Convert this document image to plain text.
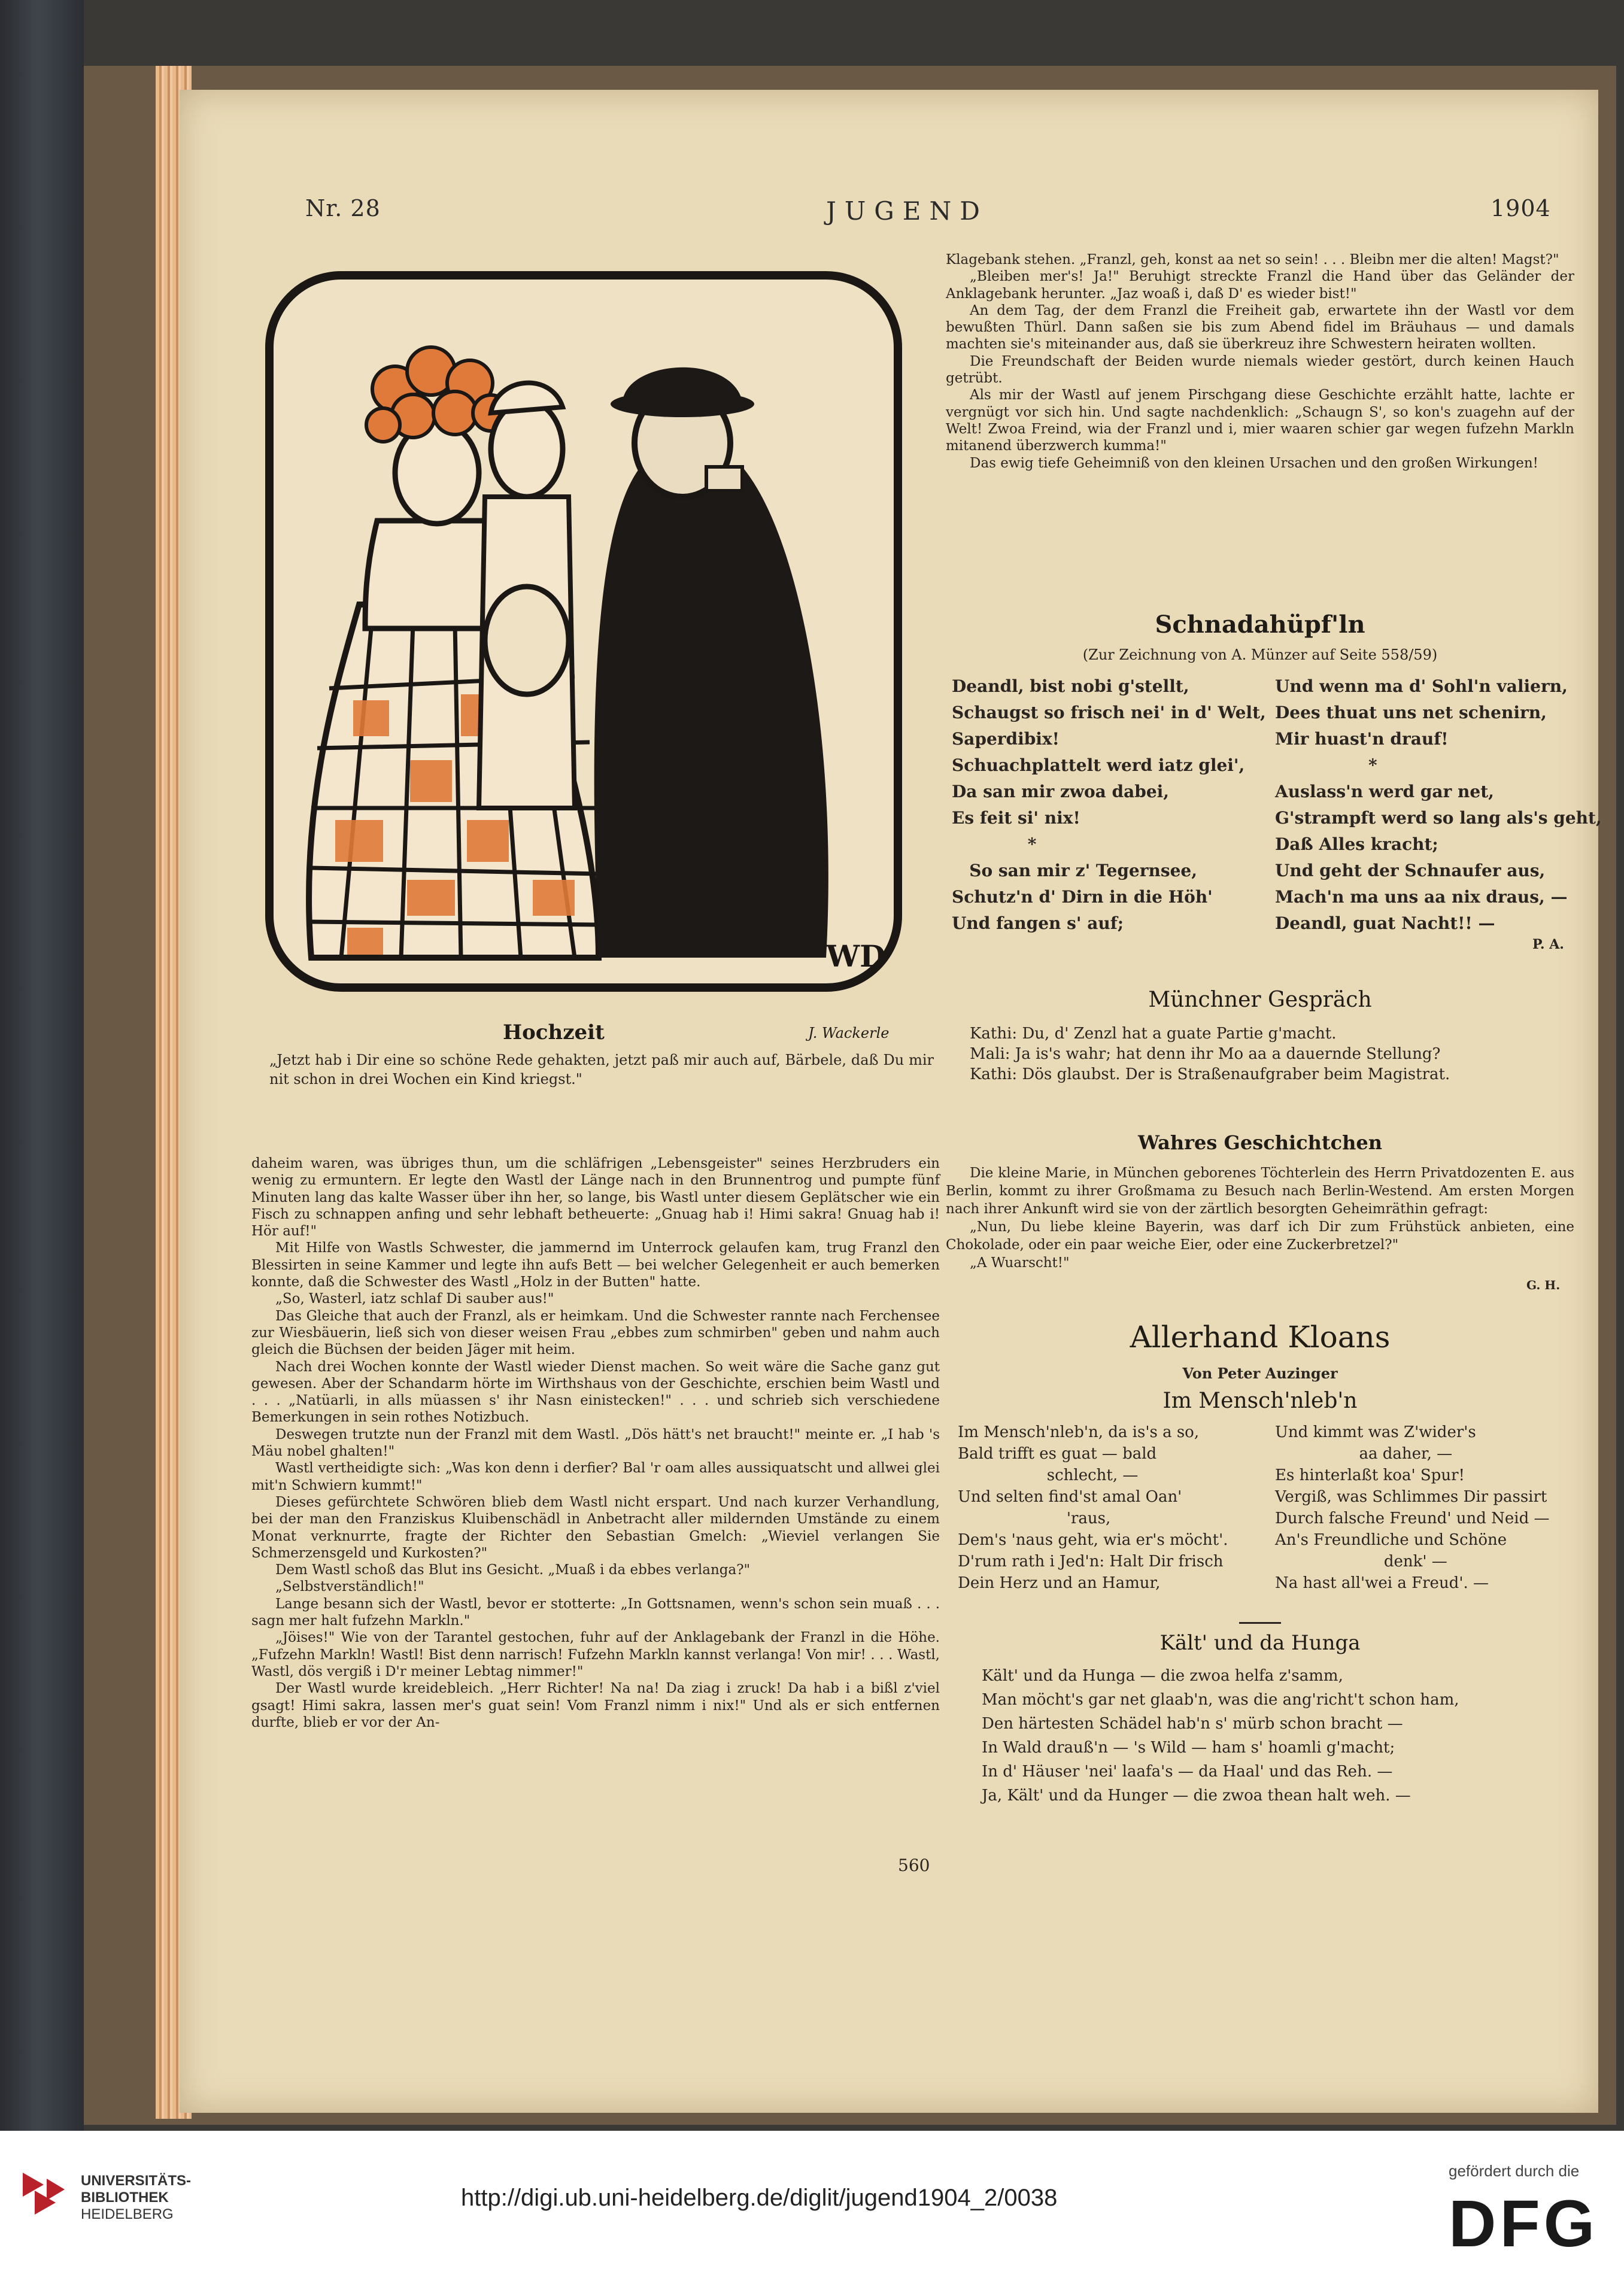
Nr. 28	JUGEND	1904
WD
Hochzeit	J. Wackerle
„Jetzt hab i Dir eine so schöne Rede gehakten, jetzt paß mir auch auf, Bärbele, daß Du mir nit schon in drei Wochen ein Kind kriegst."

daheim waren, was übriges thun, um die schläfrigen „Lebensgeister" seines Herzbruders ein wenig zu ermuntern. Er legte den Wastl der Länge nach in den Brunnentrog und pumpte fünf Minuten lang das kalte Wasser über ihn her, so lange, bis Wastl unter diesem Geplätscher wie ein Fisch zu schnappen anfing und sehr lebhaft betheuerte: „Gnuag hab i! Himi sakra! Gnuag hab i! Hör auf!"

Mit Hilfe von Wastls Schwester, die jammernd im Unterrock gelaufen kam, trug Franzl den Blessirten in seine Kammer und legte ihn aufs Bett — bei welcher Gelegenheit er auch bemerken konnte, daß die Schwester des Wastl „Holz in der Butten" hatte.

„So, Wasterl, iatz schlaf Di sauber aus!"

Das Gleiche that auch der Franzl, als er heimkam. Und die Schwester rannte nach Ferchensee zur Wiesbäuerin, ließ sich von dieser weisen Frau „ebbes zum schmirben" geben und nahm auch gleich die Büchsen der beiden Jäger mit heim.

Nach drei Wochen konnte der Wastl wieder Dienst machen. So weit wäre die Sache ganz gut gewesen. Aber der Schandarm hörte im Wirthshaus von der Geschichte, erschien beim Wastl und . . . „Natüarli, in alls müassen s' ihr Nasn einistecken!" . . . und schrieb sich verschiedene Bemerkungen in sein rothes Notizbuch.

Deswegen trutzte nun der Franzl mit dem Wastl. „Dös hätt's net braucht!" meinte er. „I hab 's Mäu nobel ghalten!"

Wastl vertheidigte sich: „Was kon denn i derfier? Bal 'r oam alles aussiquatscht und allwei glei mit'n Schwiern kummt!"

Dieses gefürchtete Schwören blieb dem Wastl nicht erspart. Und nach kurzer Verhandlung, bei der man den Franziskus Kluibenschädl in Anbetracht aller mildernden Umstände zu einem Monat verknurrte, fragte der Richter den Sebastian Gmelch: „Wieviel verlangen Sie Schmerzensgeld und Kurkosten?"

Dem Wastl schoß das Blut ins Gesicht. „Muaß i da ebbes verlanga?"

„Selbstverständlich!"

Lange besann sich der Wastl, bevor er stotterte: „In Gottsnamen, wenn's schon sein muaß . . . sagn mer halt fufzehn Markln."

„Jöises!" Wie von der Tarantel gestochen, fuhr auf der Anklagebank der Franzl in die Höhe. „Fufzehn Markln! Wastl! Bist denn narrisch! Fufzehn Markln kannst verlanga! Von mir! . . . Wastl, Wastl, dös vergiß i D'r meiner Lebtag nimmer!"

Der Wastl wurde kreidebleich. „Herr Richter! Na na! Da ziag i zruck! Da hab i a bißl z'viel gsagt! Himi sakra, lassen mer's guat sein! Vom Franzl nimm i nix!" Und als er sich entfernen durfte, blieb er vor der An-

Klagebank stehen. „Franzl, geh, konst aa net so sein! . . . Bleibn mer die alten! Magst?"

„Bleiben mer's! Ja!" Beruhigt streckte Franzl die Hand über das Geländer der Anklagebank herunter. „Jaz woaß i, daß D' es wieder bist!"

An dem Tag, der dem Franzl die Freiheit gab, erwartete ihn der Wastl vor dem bewußten Thürl. Dann saßen sie bis zum Abend fidel im Bräuhaus — und damals machten sie's miteinander aus, daß sie überkreuz ihre Schwestern heiraten wollten.

Die Freundschaft der Beiden wurde niemals wieder gestört, durch keinen Hauch getrübt.

Als mir der Wastl auf jenem Pirschgang diese Geschichte erzählt hatte, lachte er vergnügt vor sich hin. Und sagte nachdenklich: „Schaugn S', so kon's zuagehn auf der Welt! Zwoa Freind, wia der Franzl und i, mier waaren schier gar wegen fufzehn Markln mitanend überzwerch kumma!"

Das ewig tiefe Geheimniß von den kleinen Ursachen und den großen Wirkungen!

Schnadahüpf'ln
(Zur Zeichnung von A. Münzer auf Seite 558/59)
Deandl, bist nobi g'stellt,
Schaugst so frisch nei' in d' Welt,
Saperdibix!
Schuachplattelt werd iatz glei',
Da san mir zwoa dabei,
Es feit si' nix!
*
So san mir z' Tegernsee,
Schutz'n d' Dirn in die Höh'
Und fangen s' auf;
Und wenn ma d' Sohl'n valiern,
Dees thuat uns net schenirn,
Mir huast'n drauf!
*
Auslass'n werd gar net,
G'strampft werd so lang als's geht,
Daß Alles kracht;
Und geht der Schnaufer aus,
Mach'n ma uns aa nix draus, —
Deandl, guat Nacht!! —
P. A.
Münchner Gespräch
Kathi: Du, d' Zenzl hat a guate Partie g'macht.
Mali: Ja is's wahr; hat denn ihr Mo aa a dauernde Stellung?
Kathi: Dös glaubst. Der is Straßenaufgraber beim Magistrat.
Wahres Geschichtchen

Die kleine Marie, in München geborenes Töchterlein des Herrn Privatdozenten E. aus Berlin, kommt zu ihrer Großmama zu Besuch nach Berlin-Westend. Am ersten Morgen nach ihrer Ankunft wird sie von der zärtlich besorgten Geheimräthin gefragt:

„Nun, Du liebe kleine Bayerin, was darf ich Dir zum Frühstück anbieten, eine Chokolade, oder ein paar weiche Eier, oder eine Zuckerbretzel?"

„A Wuarscht!"

G. H.
Allerhand Kloans
Von Peter Auzinger
Im Mensch'nleb'n
Im Mensch'nleb'n, da is's a so,
Bald trifft es guat — bald
schlecht, —
Und selten find'st amal Oan'
'raus,
Dem's 'naus geht, wia er's möcht'.
D'rum rath i Jed'n: Halt Dir frisch
Dein Herz und an Hamur,
Und kimmt was Z'wider's
aa daher, —
Es hinterlaßt koa' Spur!
Vergiß, was Schlimmes Dir passirt
Durch falsche Freund' und Neid —
An's Freundliche und Schöne
denk' —
Na hast all'wei a Freud'. —
Kält' und da Hunga
Kält' und da Hunga — die zwoa helfa z'samm,
Man möcht's gar net glaab'n, was die ang'richt't schon ham,
Den härtesten Schädel hab'n s' mürb schon bracht —
In Wald drauß'n — 's Wild — ham s' hoamli g'macht;
In d' Häuser 'nei' laafa's — da Haal' und das Reh. —
Ja, Kält' und da Hunger — die zwoa thean halt weh. —
560
UNIVERSITÄTS-
BIBLIOTHEK
HEIDELBERG
http://digi.ub.uni-heidelberg.de/diglit/jugend1904_2/0038
gefördert durch die
DFG
